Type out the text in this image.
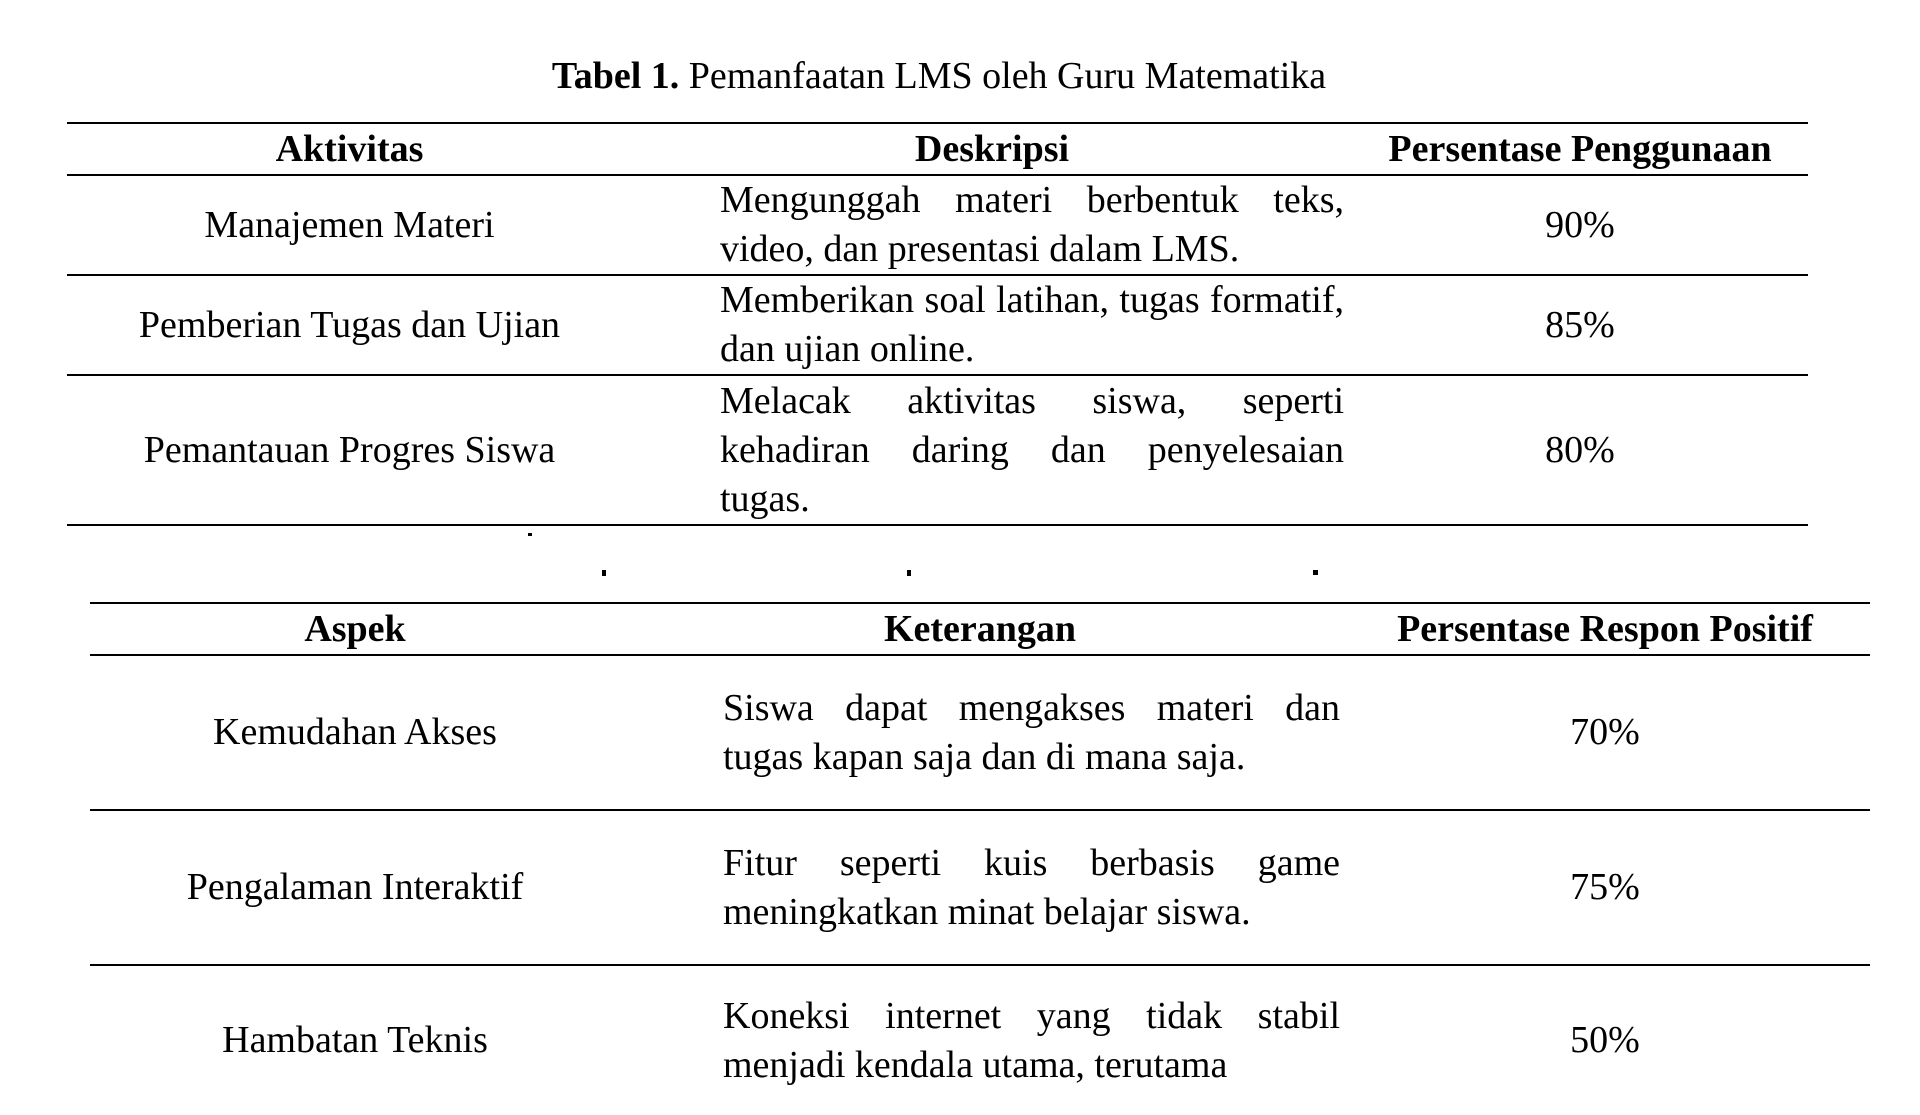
Tabel 1. Pemanfaatan LMS oleh Guru Matematika
Aktivitas	Deskripsi	Persentase Penggunaan
Manajemen Materi	Mengunggah materi berbentuk teks, video, dan presentasi dalam LMS.	90%
Pemberian Tugas dan Ujian	Memberikan soal latihan, tugas formatif, dan ujian online.	85%
Pemantauan Progres Siswa	Melacak aktivitas siswa, seperti kehadiran daring dan penyelesaian tugas.	80%
Aspek	Keterangan	Persentase Respon Positif
Kemudahan Akses	Siswa dapat mengakses materi dan tugas kapan saja dan di mana saja.	70%
Pengalaman Interaktif	Fitur seperti kuis berbasis game meningkatkan minat belajar siswa.	75%
Hambatan Teknis	Koneksi internet yang tidak stabil menjadi kendala utama, terutama	50%
